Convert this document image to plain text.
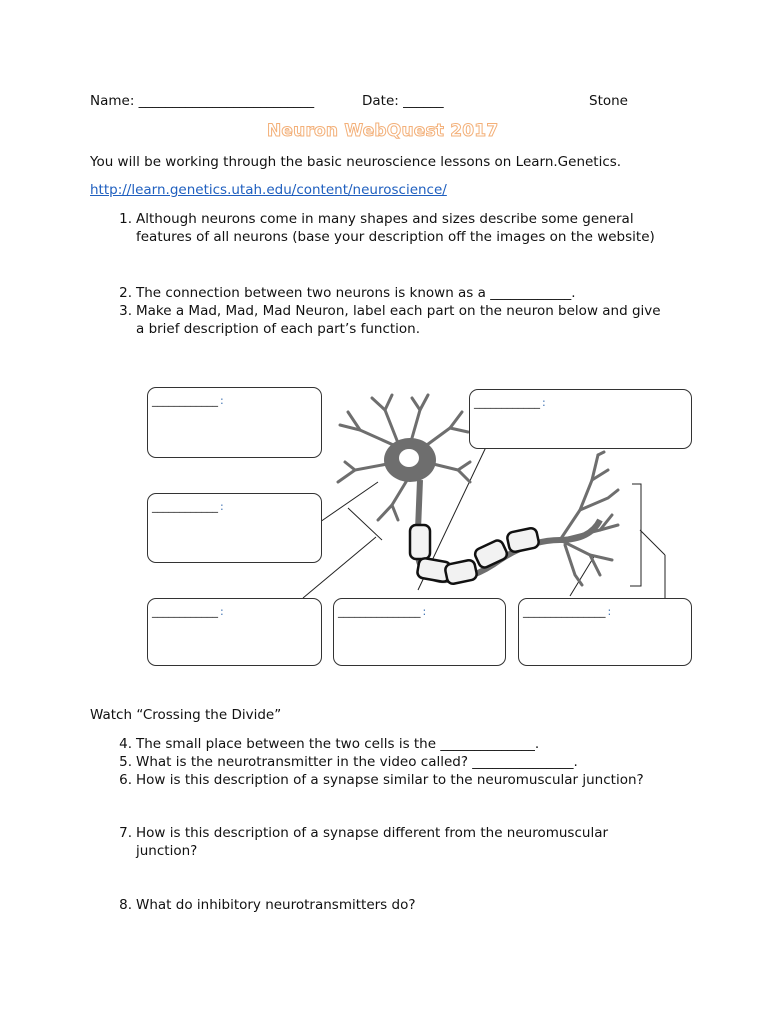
Name: __________________________	Date: ______	Stone
Neuron WebQuest 2017
You will be working through the basic neuroscience lessons on Learn.Genetics.
http://learn.genetics.utah.edu/content/neuroscience/
1. Although neurons come in many shapes and sizes describe some general
features of all neurons (base your description off the images on the website)
2. The connection between two neurons is known as a ____________.
3. Make a Mad, Mad, Mad Neuron, label each part on the neuron below and give
a brief description of each part’s function.
____________ :	____________ :
____________ :
____________ :	_______________ :	_______________ :
Watch “Crossing the Divide”
4. The small place between the two cells is the ______________.
5. What is the neurotransmitter in the video called? _______________.
6. How is this description of a synapse similar to the neuromuscular junction?
7. How is this description of a synapse different from the neuromuscular
junction?
8. What do inhibitory neurotransmitters do?
